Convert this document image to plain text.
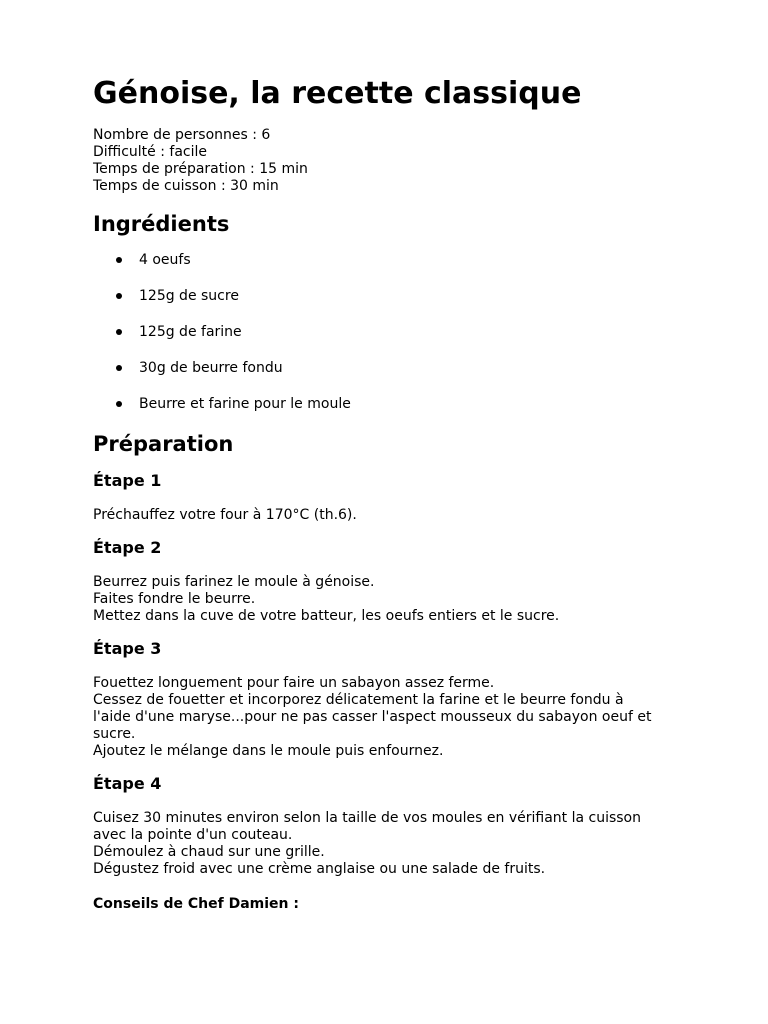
Génoise, la recette classique
Nombre de personnes : 6
Difficulté : facile
Temps de préparation : 15 min
Temps de cuisson : 30 min
Ingrédients
4 oeufs
125g de sucre
125g de farine
30g de beurre fondu
Beurre et farine pour le moule
Préparation
Étape 1
Préchauffez votre four à 170°C (th.6).
Étape 2
Beurrez puis farinez le moule à génoise.
Faites fondre le beurre.
Mettez dans la cuve de votre batteur, les oeufs entiers et le sucre.
Étape 3
Fouettez longuement pour faire un sabayon assez ferme.
Cessez de fouetter et incorporez délicatement la farine et le beurre fondu à l'aide d'une maryse...pour ne pas casser l'aspect mousseux du sabayon oeuf et sucre.
Ajoutez le mélange dans le moule puis enfournez.
Étape 4
Cuisez 30 minutes environ selon la taille de vos moules en vérifiant la cuisson avec la pointe d'un couteau.
Démoulez à chaud sur une grille.
Dégustez froid avec une crème anglaise ou une salade de fruits.
Conseils de Chef Damien :
